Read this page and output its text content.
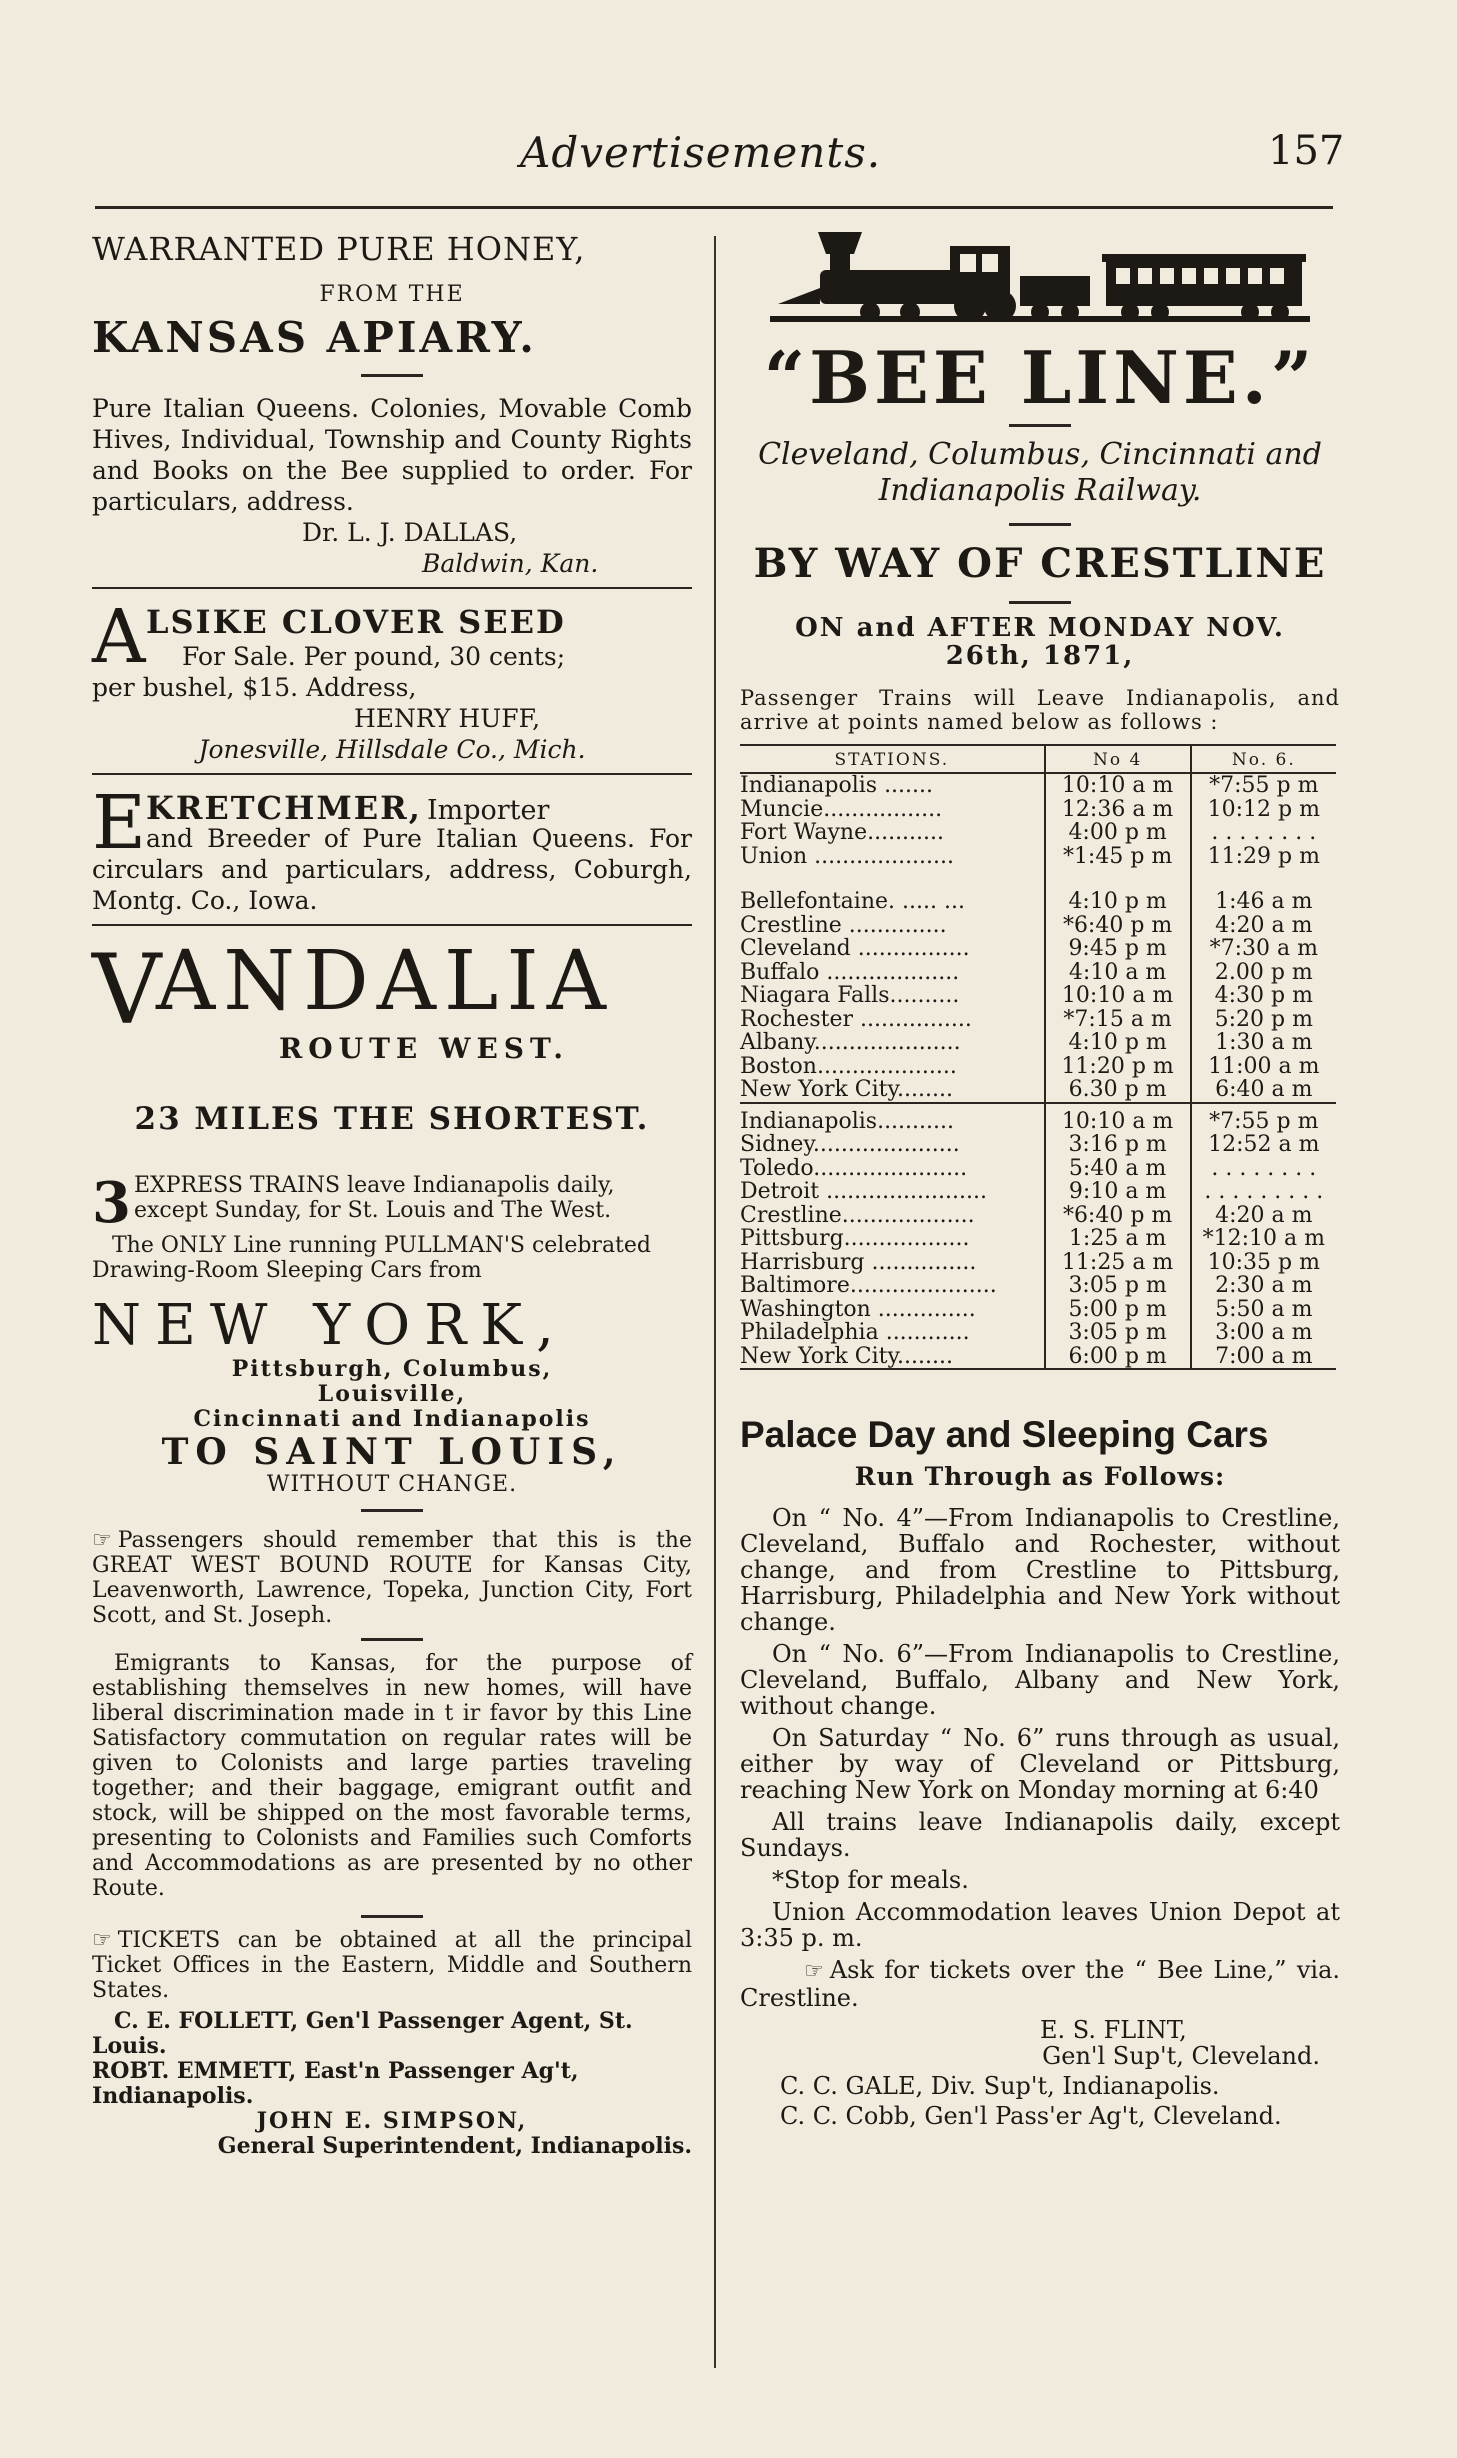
Advertisements.	157
WARRANTED PURE HONEY,
FROM THE
KANSAS APIARY.

Pure Italian Queens. Colonies, Movable Comb Hives, Individual, Township and County Rights and Books on the Bee supplied to order. For particulars, address.

Dr. L. J. DALLAS,

Baldwin, Kan.

A LSIKE CLOVER SEED
For Sale. Per pound, 30 cents;

per bushel, $15. Address,

HENRY HUFF,

Jonesville, Hillsdale Co., Mich.

E KRETCHMER, Importer

and Breeder of Pure Italian Queens. For circulars and particulars, address, Coburgh, Montg. Co., Iowa.

V
ANDALIA
ROUTE WEST.
23 MILES THE SHORTEST.
3 EXPRESS TRAINS leave Indianapolis daily, except Sunday, for St. Louis and The West.

The ONLY Line running PULLMAN'S celebrated Drawing-Room Sleeping Cars from

NEW YORK,
Pittsburgh, Columbus,
Louisville,
Cincinnati and Indianapolis
TO SAINT LOUIS,
WITHOUT CHANGE.

☞ Passengers should remember that this is the GREAT WEST BOUND ROUTE for Kansas City, Leavenworth, Lawrence, Topeka, Junction City, Fort Scott, and St. Joseph.

Emigrants to Kansas, for the purpose of establishing themselves in new homes, will have liberal discrimination made in t ir favor by this Line Satisfactory commutation on regular rates will be given to Colonists and large parties traveling together; and their baggage, emigrant outfit and stock, will be shipped on the most favorable terms, presenting to Colonists and Families such Comforts and Accommodations as are presented by no other Route.

☞ TICKETS can be obtained at all the principal Ticket Offices in the Eastern, Middle and Southern States.

C. E. FOLLETT, Gen'l Passenger Agent, St. Louis.

ROBT. EMMETT, East'n Passenger Ag't, Indianapolis.

JOHN E. SIMPSON,

General Superintendent, Indianapolis.

“BEE LINE.”

Cleveland, Columbus, Cincinnati and Indianapolis Railway.

BY WAY OF CRESTLINE
ON and AFTER MONDAY NOV.
26th, 1871,

Passenger Trains will Leave Indianapolis, and arrive at points named below as follows :

STATIONS.	No 4	No. 6.
Indianapolis .......	10:10 a m	*7:55 p m
Muncie.................	12:36 a m	10:12 p m
Fort Wayne...........	4:00 p m	. . . . . . . .
Union ....................	*1:45 p m	11:29 p m

Bellefontaine. ..... ...	4:10 p m	1:46 a m
Crestline ..............	*6:40 p m	4:20 a m
Cleveland ................	9:45 p m	*7:30 a m
Buffalo ...................	4:10 a m	2.00 p m
Niagara Falls..........	10:10 a m	4:30 p m
Rochester ................	*7:15 a m	5:20 p m
Albany.....................	4:10 p m	1:30 a m
Boston....................	11:20 p m	11:00 a m
New York City........	6.30 p m	6:40 a m

Indianapolis...........	10:10 a m	*7:55 p m
Sidney.....................	3:16 p m	12:52 a m
Toledo......................	5:40 a m	. . . . . . . .
Detroit .......................	9:10 a m	. . . . . . . . .
Crestline...................	*6:40 p m	4:20 a m
Pittsburg..................	1:25 a m	*12:10 a m
Harrisburg ...............	11:25 a m	10:35 p m
Baltimore.....................	3:05 p m	2:30 a m
Washington ..............	5:00 p m	5:50 a m
Philadelphia ............	3:05 p m	3:00 a m
New York City........	6:00 p m	7:00 a m
Palace Day and Sleeping Cars
Run Through as Follows:

On “ No. 4”—From Indianapolis to Crestline, Cleveland, Buffalo and Rochester, without change, and from Crestline to Pittsburg, Harrisburg, Philadelphia and New York without change.

On “ No. 6”—From Indianapolis to Crestline, Cleveland, Buffalo, Albany and New York, without change.

On Saturday “ No. 6” runs through as usual, either by way of Cleveland or Pittsburg, reaching New York on Monday morning at 6:40

All trains leave Indianapolis daily, except Sundays.

*Stop for meals.

Union Accommodation leaves Union Depot at 3:35 p. m.

☞ Ask for tickets over the “ Bee Line,” via. Crestline.

E. S. FLINT,

Gen'l Sup't, Cleveland.

C. C. GALE, Div. Sup't, Indianapolis.

C. C. Cobb, Gen'l Pass'er Ag't, Cleveland.
